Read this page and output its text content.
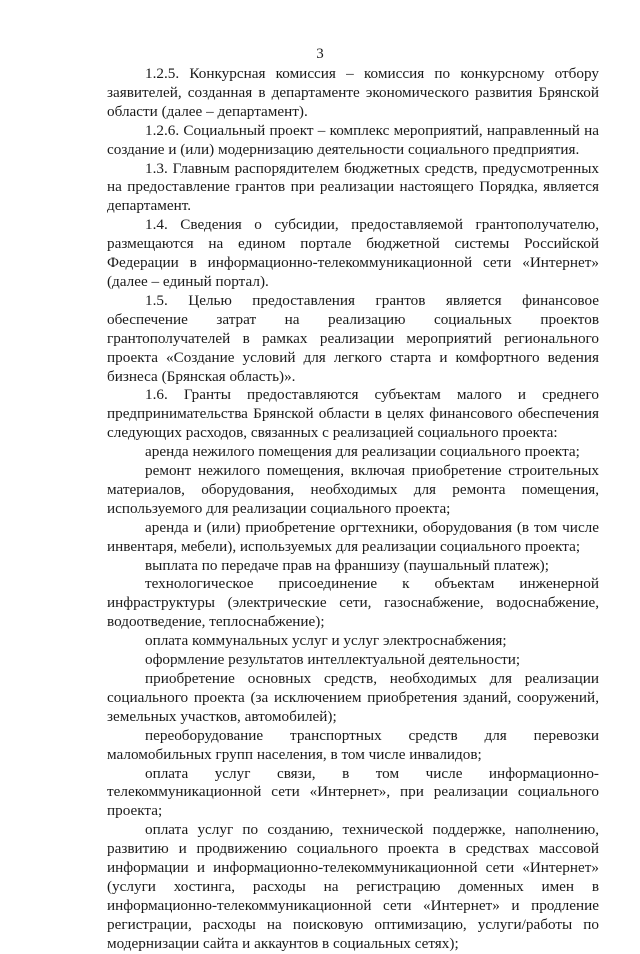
3

1.2.5. Конкурсная комиссия – комиссия по конкурсному отбору заявителей, созданная в департаменте экономического развития Брянской области (далее – департамент).

1.2.6. Социальный проект – комплекс мероприятий, направленный на создание и (или) модернизацию деятельности социального предприятия.

1.3. Главным распорядителем бюджетных средств, предусмотренных на предоставление грантов при реализации настоящего Порядка, является департамент.

1.4. Сведения о субсидии, предоставляемой грантополучателю, размещаются на едином портале бюджетной системы Российской Федерации в информационно-телекоммуникационной сети «Интернет» (далее – единый портал).

1.5. Целью предоставления грантов является финансовое обеспечение затрат на реализацию социальных проектов грантополучателей в рамках реализации мероприятий регионального проекта «Создание условий для легкого старта и комфортного ведения бизнеса (Брянская область)».

1.6. Гранты предоставляются субъектам малого и среднего предпринимательства Брянской области в целях финансового обеспечения следующих расходов, связанных с реализацией социального проекта:

аренда нежилого помещения для реализации социального проекта;

ремонт нежилого помещения, включая приобретение строительных материалов, оборудования, необходимых для ремонта помещения, используемого для реализации социального проекта;

аренда и (или) приобретение оргтехники, оборудования (в том числе инвентаря, мебели), используемых для реализации социального проекта;

выплата по передаче прав на франшизу (паушальный платеж);

технологическое присоединение к объектам инженерной инфраструктуры (электрические сети, газоснабжение, водоснабжение, водоотведение, теплоснабжение);

оплата коммунальных услуг и услуг электроснабжения;

оформление результатов интеллектуальной деятельности;

приобретение основных средств, необходимых для реализации социального проекта (за исключением приобретения зданий, сооружений, земельных участков, автомобилей);

переоборудование транспортных средств для перевозки маломобильных групп населения, в том числе инвалидов;

оплата услуг связи, в том числе информационно-телекоммуникационной сети «Интернет», при реализации социального проекта;

оплата услуг по созданию, технической поддержке, наполнению, развитию и продвижению социального проекта в средствах массовой информации и информационно-телекоммуникационной сети «Интернет» (услуги хостинга, расходы на регистрацию доменных имен в информационно-телекоммуникационной сети «Интернет» и продление регистрации, расходы на поисковую оптимизацию, услуги/работы по модернизации сайта и аккаунтов в социальных сетях);
